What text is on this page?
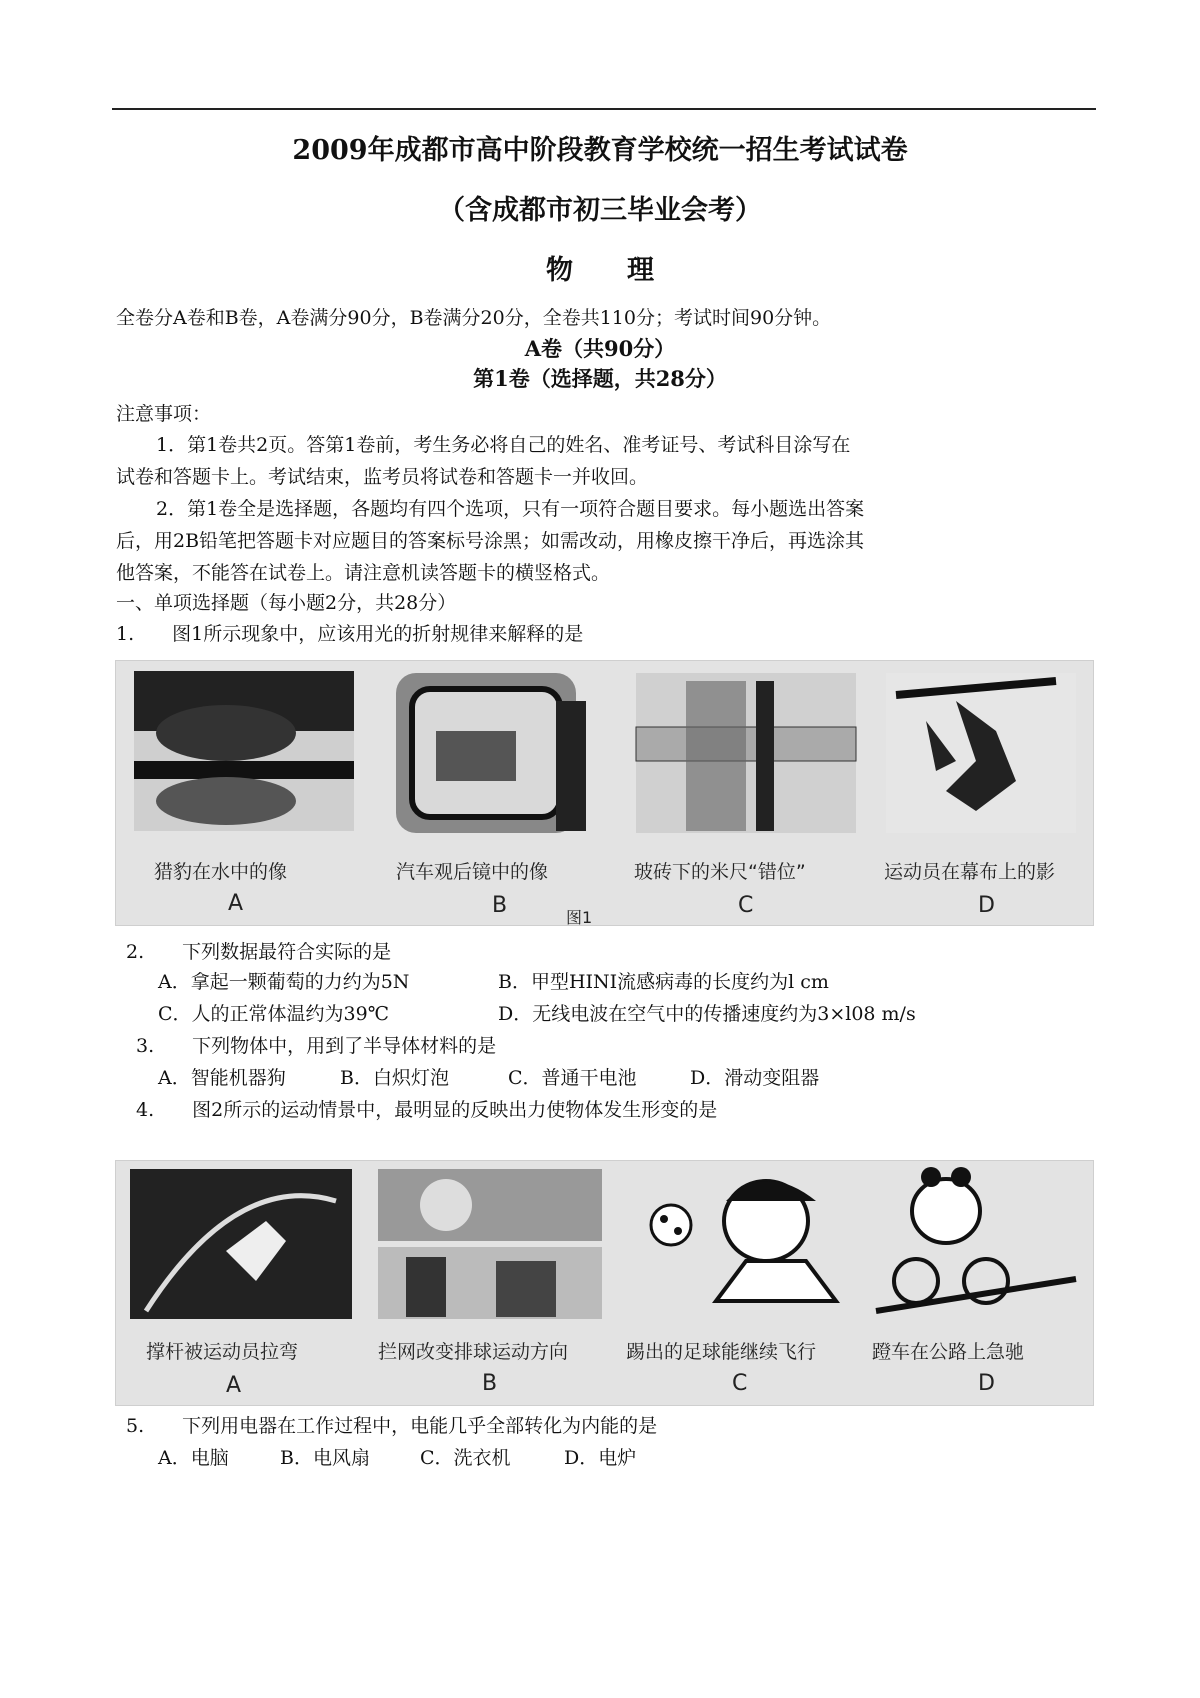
2009年成都市高中阶段教育学校统一招生考试试卷
（含成都市初三毕业会考）
物　　理
全卷分A卷和B卷，A卷满分90分，B卷满分20分，全卷共110分；考试时间90分钟。
A卷（共90分）
第1卷（选择题，共28分）
注意事项：
1．第1卷共2页。答第1卷前，考生务必将自己的姓名、准考证号、考试科目涂写在
试卷和答题卡上。考试结束，监考员将试卷和答题卡一并收回。
2．第1卷全是选择题，各题均有四个选项，只有一项符合题目要求。每小题选出答案
后，用2B铅笔把答题卡对应题目的答案标号涂黑；如需改动，用橡皮擦干净后，再选涂其
他答案，不能答在试卷上。请注意机读答题卡的横竖格式。
一、单项选择题（每小题2分，共28分）
1.　　图1所示现象中，应该用光的折射规律来解释的是
猎豹在水中的像	汽车观后镜中的像	玻砖下的米尺“错位”	运动员在幕布上的影
A	B	图1	C	D
2.　　下列数据最符合实际的是
A．拿起一颗葡萄的力约为5N	B．甲型HINI流感病毒的长度约为l cm
C．人的正常体温约为39℃	D．无线电波在空气中的传播速度约为3×l08 m/s
3.　　下列物体中，用到了半导体材料的是
A．智能机器狗	B．白炽灯泡	C．普通干电池	D．滑动变阻器
4.　　图2所示的运动情景中，最明显的反映出力使物体发生形变的是
撑杆被运动员拉弯	拦网改变排球运动方向	踢出的足球能继续飞行	蹬车在公路上急驰
A	B	C	D
5.　　下列用电器在工作过程中，电能几乎全部转化为内能的是
A．电脑	B．电风扇	C．洗衣机	D．电炉
